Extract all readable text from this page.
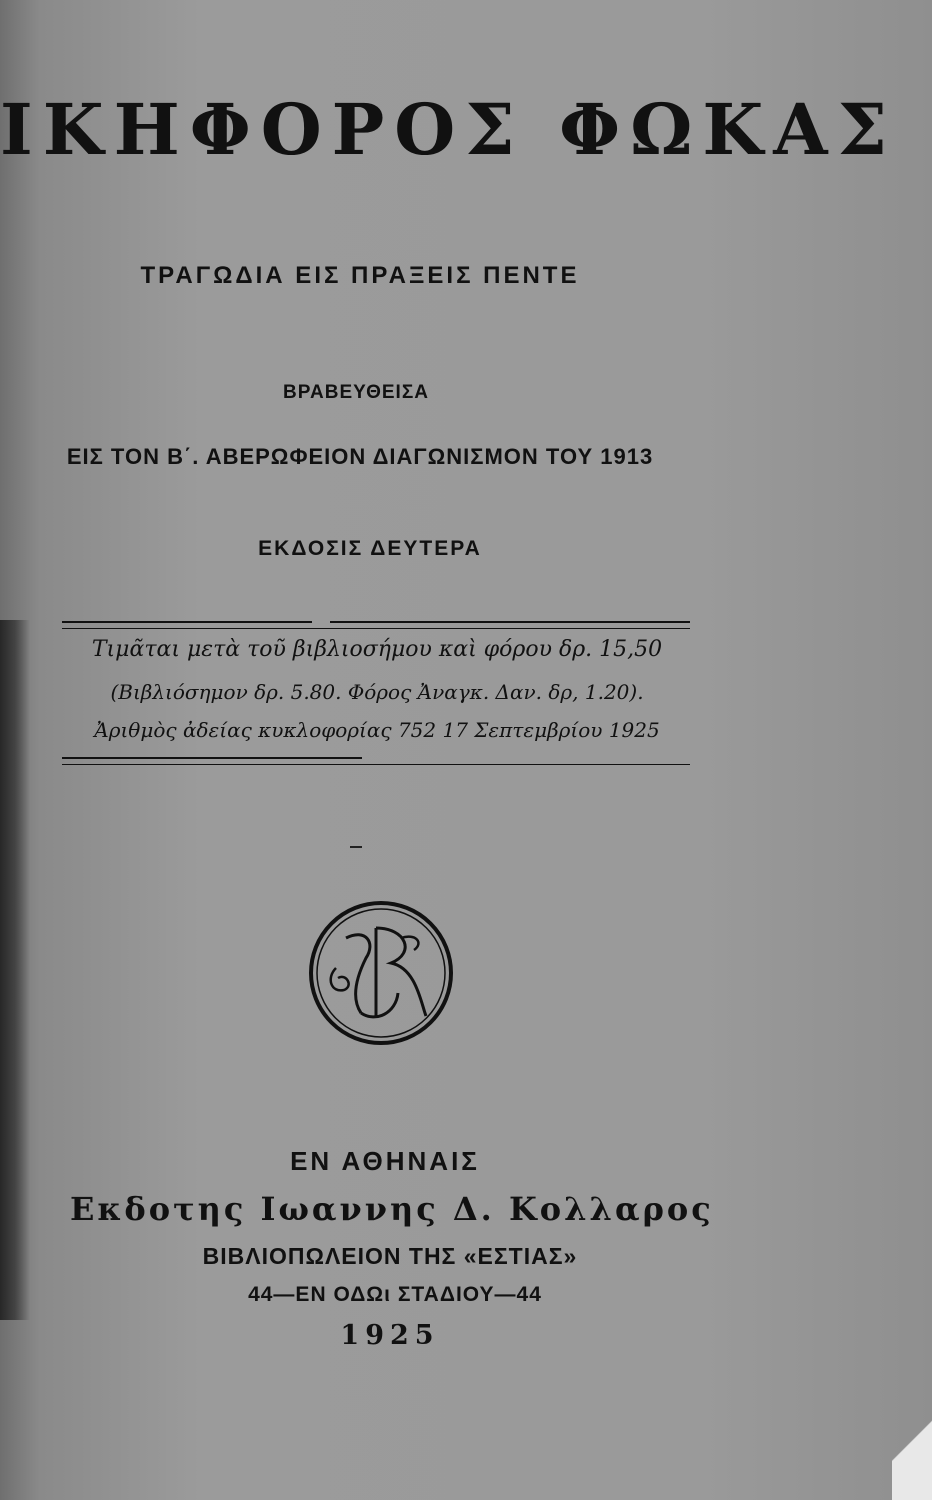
ΙΚΗΦΟΡΟΣ ΦΩΚΑΣ
ΤΡΑΓΩΔΙΑ ΕΙΣ ΠΡΑΞΕΙΣ ΠΕΝΤΕ
ΒΡΑΒΕΥΘΕΙΣΑ
ΕΙΣ ΤΟΝ Β΄. ΑΒΕΡΩΦΕΙΟΝ ΔΙΑΓΩΝΙΣΜΟΝ ΤΟΥ 1913
ΕΚΔΟΣΙΣ ΔΕΥΤΕΡΑ
Τιμᾶται μετὰ τοῦ βιβλιοσήμου καὶ φόρου δρ. 15,50
(Βιβλιόσημον δρ. 5.80. Φόρος Ἀναγκ. Δαν. δρ, 1.20).
Ἀριθμὸς ἀδείας κυκλοφορίας 752 17 Σεπτεμβρίου 1925
ΕΝ ΑΘΗΝΑΙΣ
Εκδοτης Ιωαννης Δ. Κολλαρος
ΒΙΒΛΙΟΠΩΛΕΙΟΝ ΤΗΣ «ΕΣΤΙΑΣ»
44—ΕΝ ΟΔΩι ΣΤΑΔΙΟΥ—44
1925
